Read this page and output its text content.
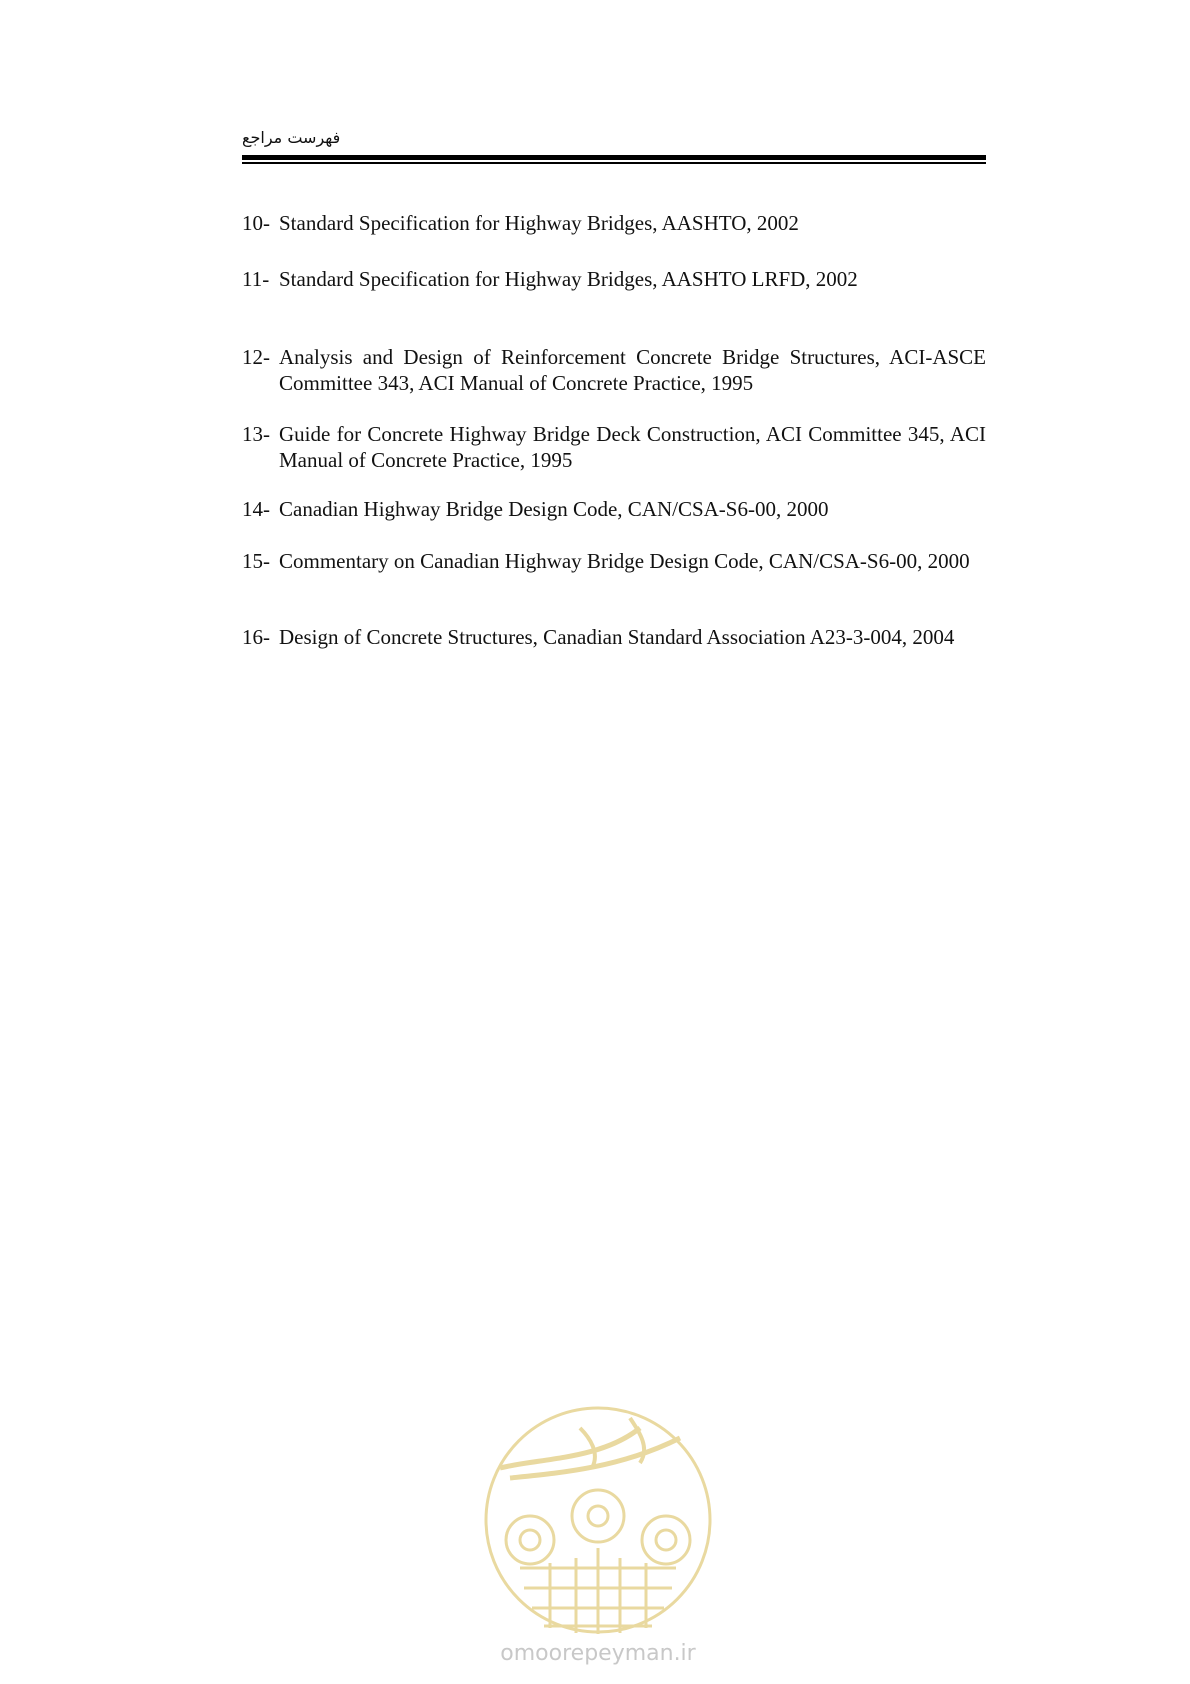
فهرست مراجع
10- Standard Specification for Highway Bridges, AASHTO, 2002
11- Standard Specification for Highway Bridges, AASHTO LRFD, 2002
12- Analysis and Design of Reinforcement Concrete Bridge Structures, ACI-ASCE Committee 343, ACI Manual of Concrete Practice, 1995
13- Guide for Concrete Highway Bridge Deck Construction, ACI Committee 345, ACI Manual of Concrete Practice, 1995
14- Canadian Highway Bridge Design Code, CAN/CSA-S6-00, 2000
15- Commentary on Canadian Highway Bridge Design Code, CAN/CSA-S6-00, 2000
16- Design of Concrete Structures, Canadian Standard Association A23-3-004, 2004
omoorepeyman.ir
